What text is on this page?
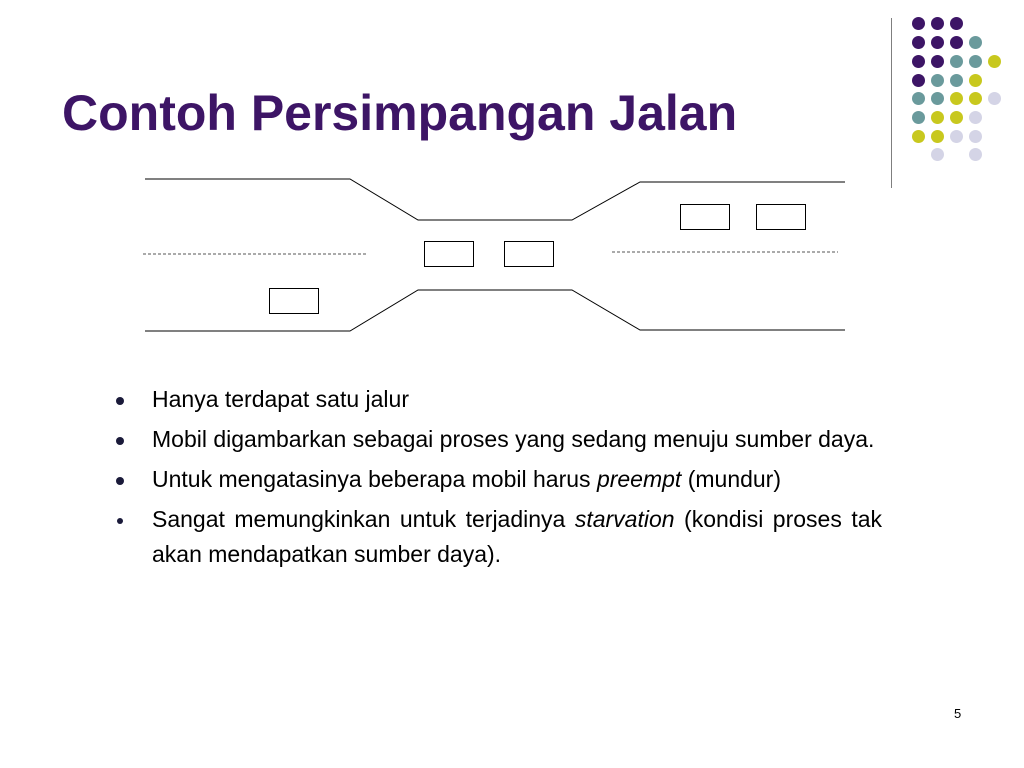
Contoh Persimpangan Jalan
Hanya terdapat satu jalur
Mobil digambarkan sebagai proses yang sedang menuju sumber daya.
Untuk mengatasinya beberapa mobil harus preempt (mundur)
Sangat memungkinkan untuk terjadinya starvation (kondisi proses tak akan mendapatkan sumber daya).
5
